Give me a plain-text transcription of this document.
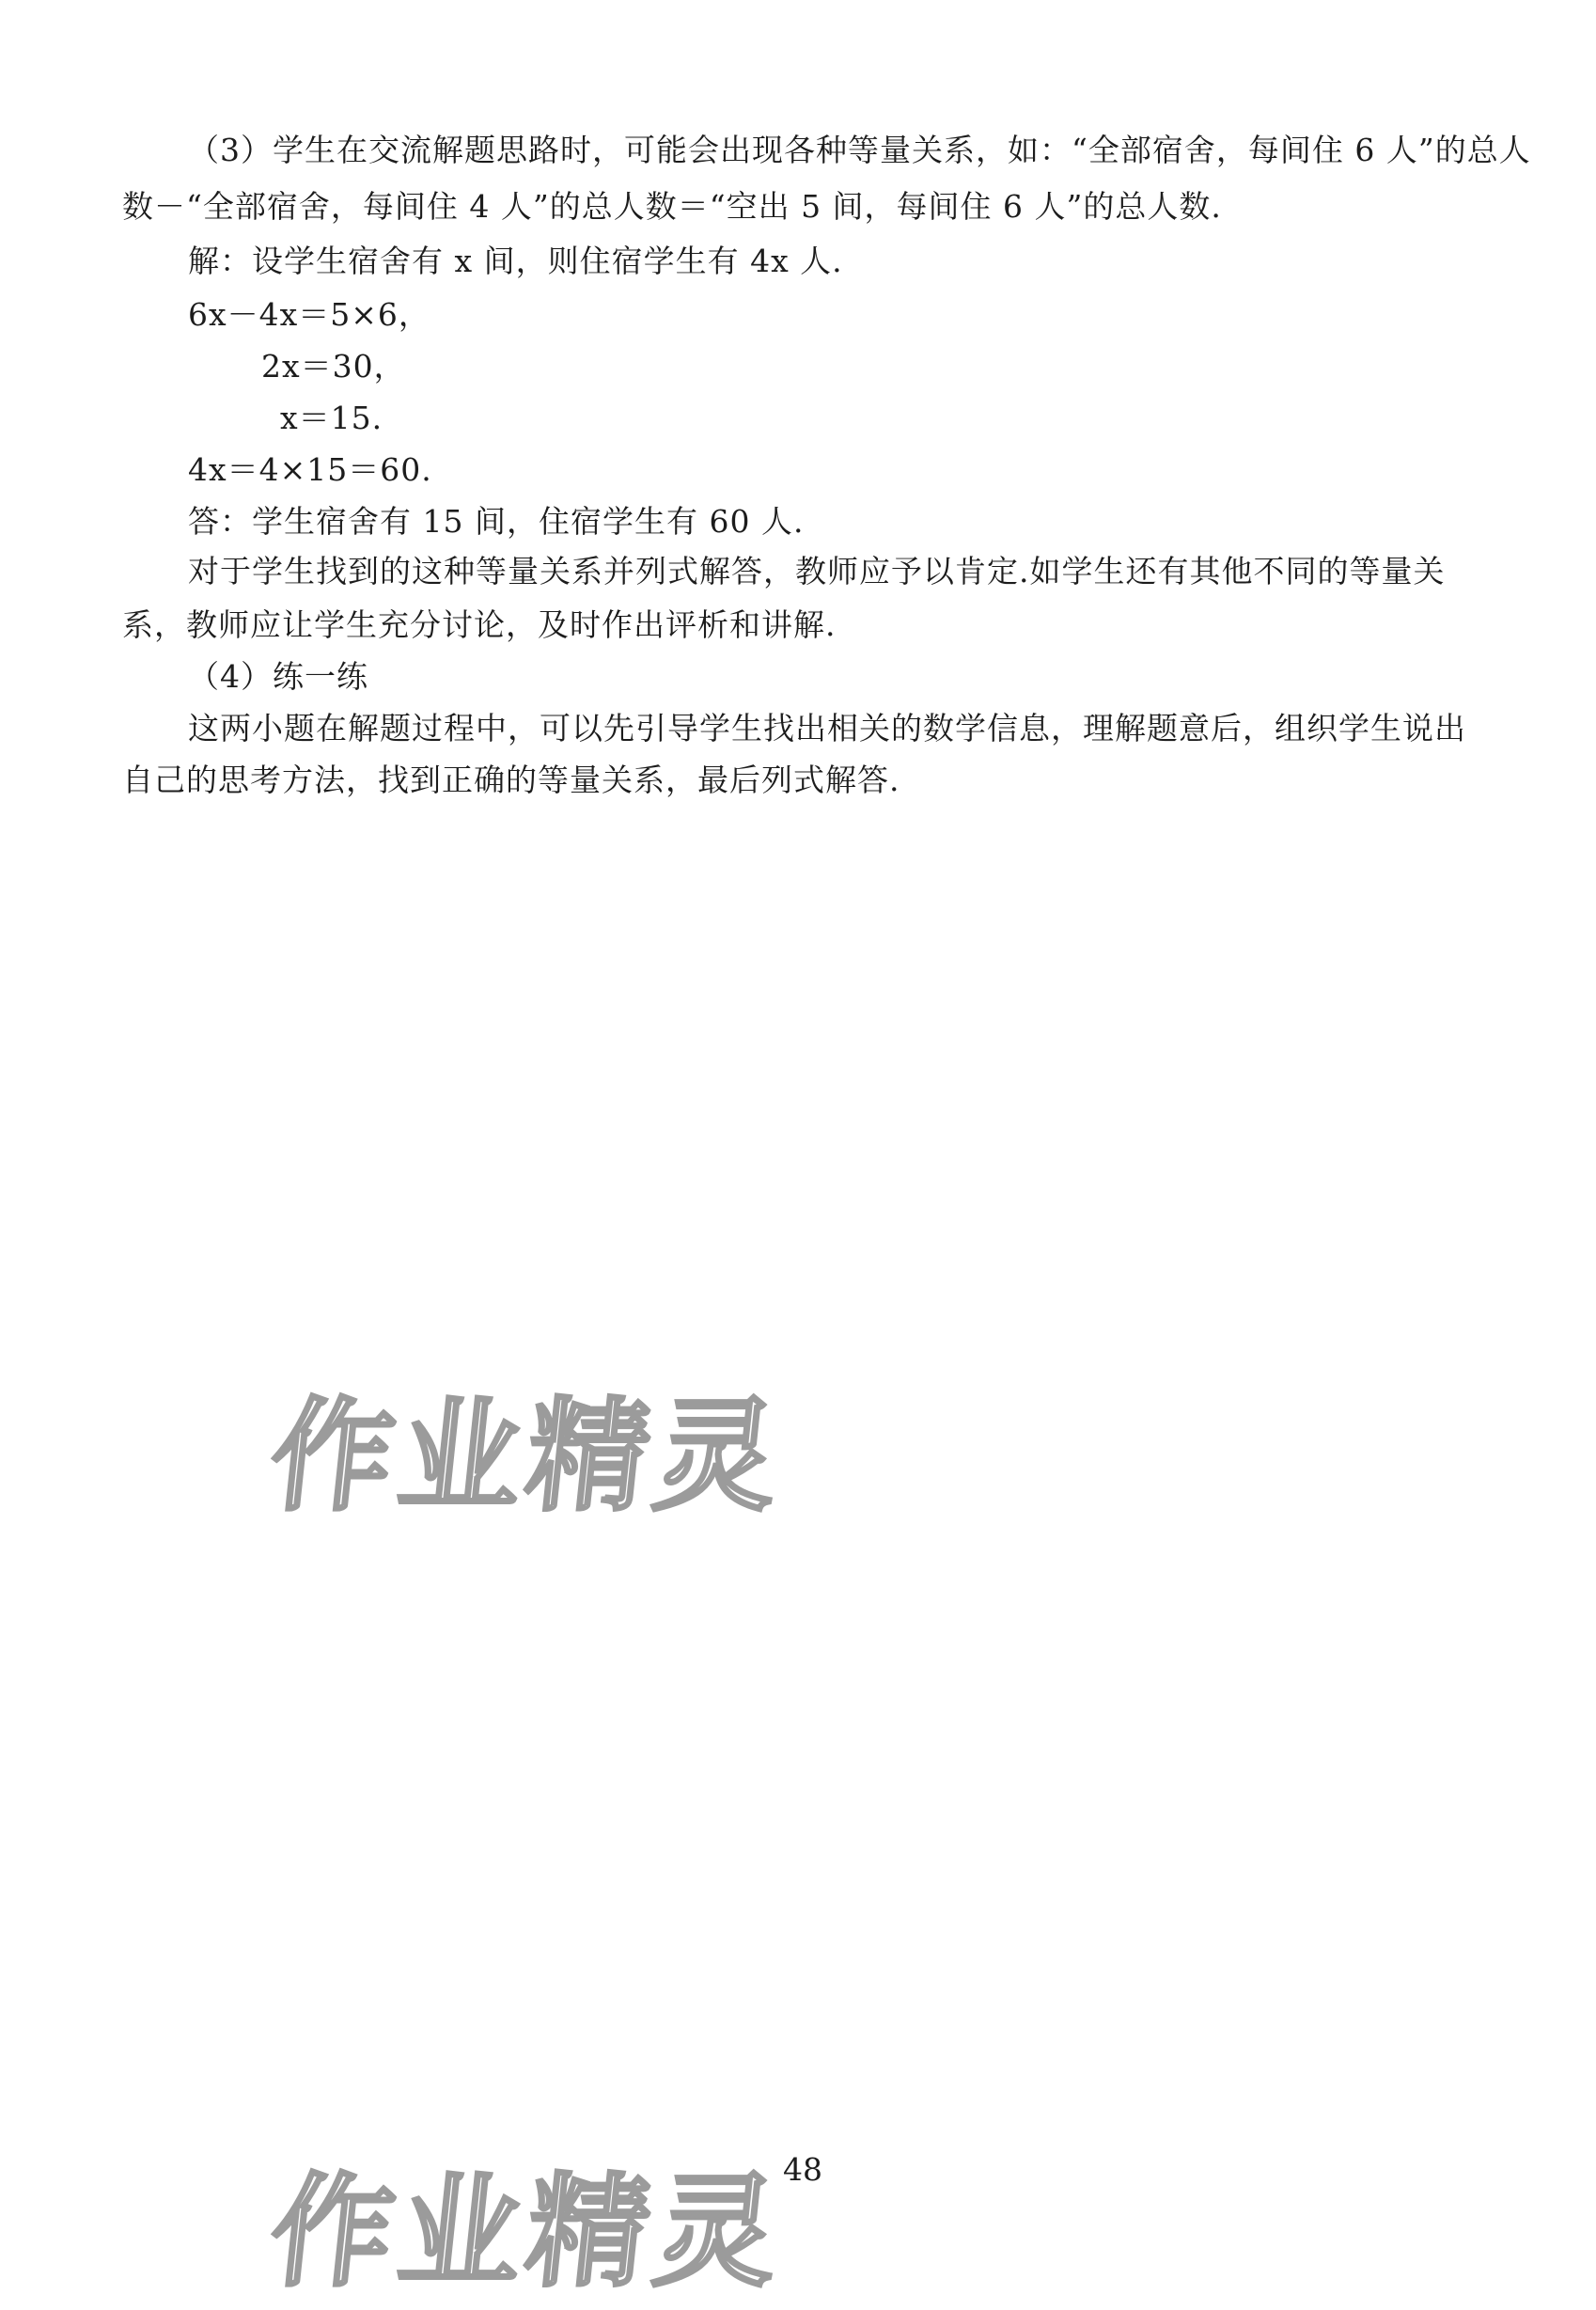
（3）学生在交流解题思路时，可能会出现各种等量关系，如：“全部宿舍，每间住 6 人”的总人
数－“全部宿舍，每间住 4 人”的总人数＝“空出 5 间，每间住 6 人”的总人数.
解：设学生宿舍有 x 间，则住宿学生有 4x 人.
6x－4x＝5×6，
2x＝30，
x＝15.
4x＝4×15＝60.
答：学生宿舍有 15 间，住宿学生有 60 人.
对于学生找到的这种等量关系并列式解答，教师应予以肯定.如学生还有其他不同的等量关
系，教师应让学生充分讨论，及时作出评析和讲解.
（4）练一练
这两小题在解题过程中，可以先引导学生找出相关的数学信息，理解题意后，组织学生说出
自己的思考方法，找到正确的等量关系，最后列式解答.
作业精灵
作业精灵
48
